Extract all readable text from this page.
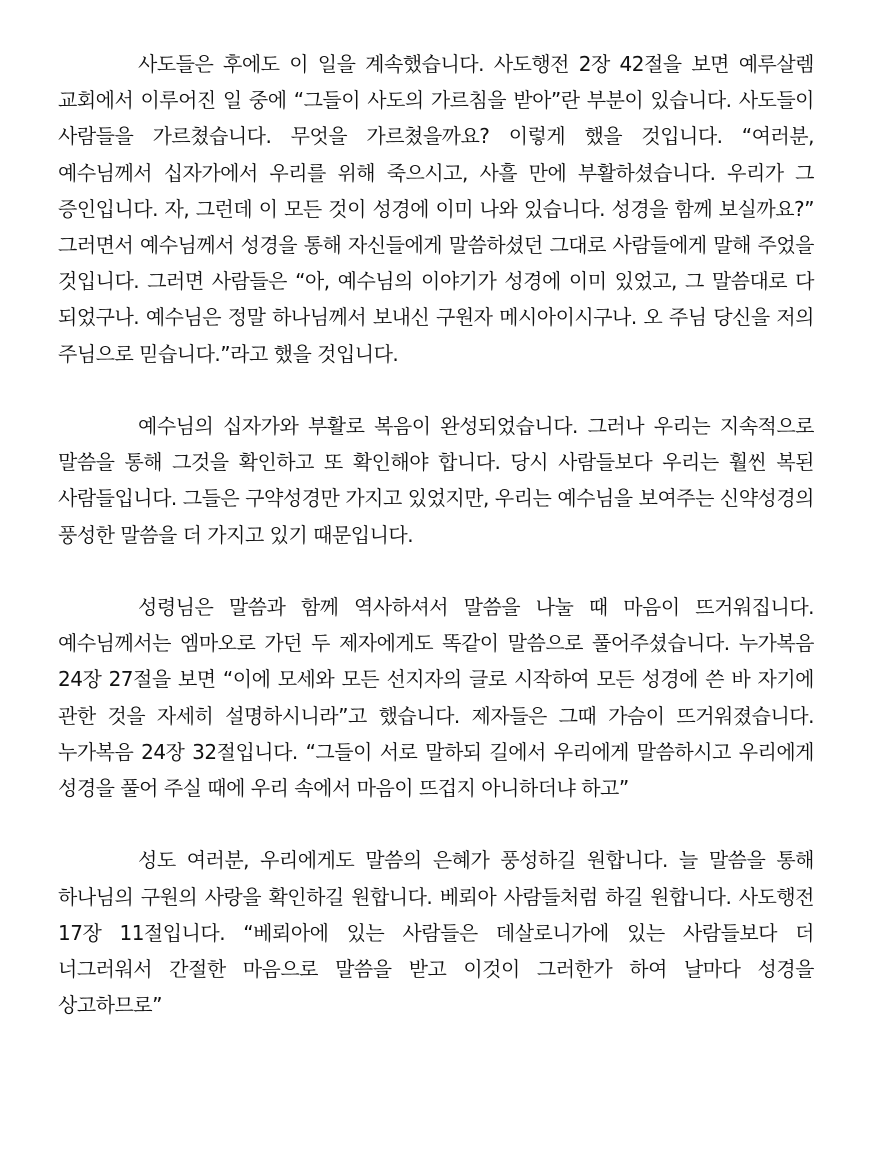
사도들은 후에도 이 일을 계속했습니다. 사도행전 2장 42절을 보면 예루살렘 교회에서 이루어진 일 중에 “그들이 사도의 가르침을 받아”란 부분이 있습니다. 사도들이 사람들을 가르쳤습니다. 무엇을 가르쳤을까요? 이렇게 했을 것입니다. “여러분, 예수님께서 십자가에서 우리를 위해 죽으시고, 사흘 만에 부활하셨습니다. 우리가 그 증인입니다. 자, 그런데 이 모든 것이 성경에 이미 나와 있습니다. 성경을 함께 보실까요?” 그러면서 예수님께서 성경을 통해 자신들에게 말씀하셨던 그대로 사람들에게 말해 주었을 것입니다. 그러면 사람들은 “아, 예수님의 이야기가 성경에 이미 있었고, 그 말씀대로 다 되었구나. 예수님은 정말 하나님께서 보내신 구원자 메시아이시구나. 오 주님 당신을 저의 주님으로 믿습니다.”라고 했을 것입니다.

예수님의 십자가와 부활로 복음이 완성되었습니다. 그러나 우리는 지속적으로 말씀을 통해 그것을 확인하고 또 확인해야 합니다. 당시 사람들보다 우리는 훨씬 복된 사람들입니다. 그들은 구약성경만 가지고 있었지만, 우리는 예수님을 보여주는 신약성경의 풍성한 말씀을 더 가지고 있기 때문입니다.

성령님은 말씀과 함께 역사하셔서 말씀을 나눌 때 마음이 뜨거워집니다. 예수님께서는 엠마오로 가던 두 제자에게도 똑같이 말씀으로 풀어주셨습니다. 누가복음 24장 27절을 보면 “이에 모세와 모든 선지자의 글로 시작하여 모든 성경에 쓴 바 자기에 관한 것을 자세히 설명하시니라”고 했습니다. 제자들은 그때 가슴이 뜨거워졌습니다. 누가복음 24장 32절입니다. “그들이 서로 말하되 길에서 우리에게 말씀하시고 우리에게 성경을 풀어 주실 때에 우리 속에서 마음이 뜨겁지 아니하더냐 하고”

성도 여러분, 우리에게도 말씀의 은혜가 풍성하길 원합니다. 늘 말씀을 통해 하나님의 구원의 사랑을 확인하길 원합니다. 베뢰아 사람들처럼 하길 원합니다. 사도행전 17장 11절입니다. “베뢰아에 있는 사람들은 데살로니가에 있는 사람들보다 더 너그러워서 간절한 마음으로 말씀을 받고 이것이 그러한가 하여 날마다 성경을 상고하므로”
